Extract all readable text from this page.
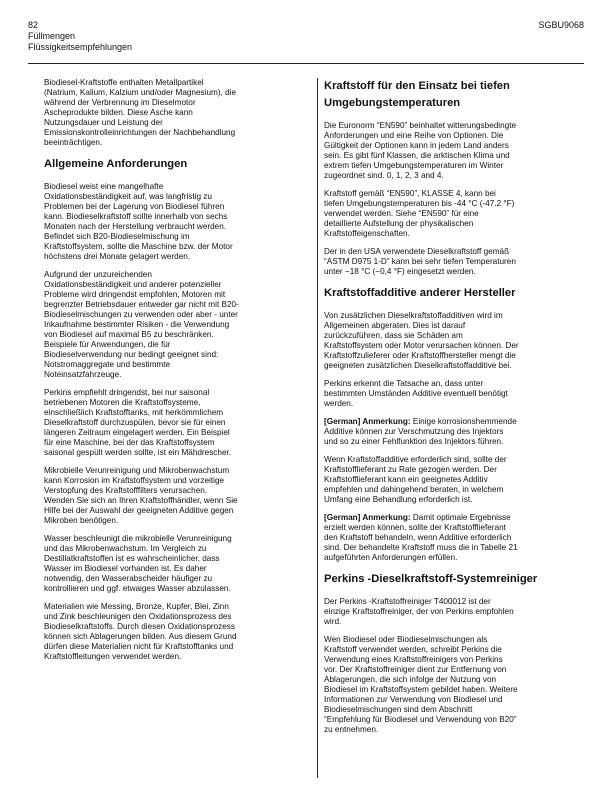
82
Füllmengen
Flüssigkeitsempfehlungen
SGBU9068

Biodiesel-Kraftstoffe enthalten Metallpartikel
(Natrium, Kalium, Kalzium und/oder Magnesium), die
während der Verbrennung im Dieselmotor
Ascheprodukte bilden. Diese Asche kann
Nutzungsdauer und Leistung der
Emissionskontrolleinrichtungen der Nachbehandlung
beeinträchtigen.

Allgemeine Anforderungen

Biodiesel weist eine mangelhafte
Oxidationsbeständigkeit auf, was langfristig zu
Problemen bei der Lagerung von Biodiesel führen
kann. Biodieselkraftstoff sollte innerhalb von sechs
Monaten nach der Herstellung verbraucht werden.
Befindet sich B20-Biodieselmischung im
Kraftstoffsystem, sollte die Maschine bzw. der Motor
höchstens drei Monate gelagert werden.

Aufgrund der unzureichenden
Oxidationsbeständigkeit und anderer potenzieller
Probleme wird dringendst empfohlen, Motoren mit
begrenzter Betriebsdauer entweder gar nicht mit B20-
Biodieselmischungen zu verwenden oder aber - unter
Inkaufnahme bestimmter Risiken - die Verwendung
von Biodiesel auf maximal B5 zu beschränken.
Beispiele für Anwendungen, die für
Biodieselverwendung nur bedingt geeignet sind:
Notstromaggregate und bestimmte
Noteinsatzfahrzeuge.

Perkins empfiehlt dringendst, bei nur saisonal
betriebenen Motoren die Kraftstoffsysteme,
einschließlich Kraftstofftanks, mit herkömmlichem
Dieselkraftstoff durchzuspülen, bevor sie für einen
längeren Zeitraum eingelagert werden. Ein Beispiel
für eine Maschine, bei der das Kraftstoffsystem
saisonal gespült werden sollte, ist ein Mähdrescher.

Mikrobielle Verunreinigung und Mikrobenwachstum
kann Korrosion im Kraftstoffsystem und vorzeitige
Verstopfung des Kraftstofffilters verursachen.
Wenden Sie sich an Ihren Kraftstoffhändler, wenn Sie
Hilfe bei der Auswahl der geeigneten Additive gegen
Mikroben benötigen.

Wasser beschleunigt die mikrobielle Verunreinigung
und das Mikrobenwachstum. Im Vergleich zu
Destillatkraftstoffen ist es wahrscheinlicher, dass
Wasser im Biodiesel vorhanden ist. Es daher
notwendig, den Wasserabscheider häufiger zu
kontrollieren und ggf. etwaiges Wasser abzulassen.

Materialien wie Messing, Bronze, Kupfer, Blei, Zinn
und Zink beschleunigen den Oxidationsprozess des
Biodieselkraftstoffs. Durch diesen Oxidationsprozess
können sich Ablagerungen bilden. Aus diesem Grund
dürfen diese Materialien nicht für Kraftstofftanks und
Kraftstoffleitungen verwendet werden.

Kraftstoff für den Einsatz bei tiefen
Umgebungstemperaturen

Die Euronorm “EN590” beinhaltet witterungsbedingte
Anforderungen und eine Reihe von Optionen. Die
Gültigkeit der Optionen kann in jedem Land anders
sein. Es gibt fünf Klassen, die arktischen Klima und
extrem tiefen Umgebungstemperaturen im Winter
zugeordnet sind. 0, 1, 2, 3 and 4.

Kraftstoff gemäß “EN590”, KLASSE 4, kann bei
tiefen Umgebungstemperaturen bis -44 °C (-47.2 °F)
verwendet werden. Siehe “EN590” für eine
detaillierte Aufstellung der physikalischen
Kraftstoffeigenschaften.

Der in den USA verwendete Dieselkraftstoff gemäß
“ASTM D975 1-D” kann bei sehr tiefen Temperaturen
unter −18 °C (−0,4 °F) eingesetzt werden.

Kraftstoffadditive anderer Hersteller

Von zusätzlichen Dieselkraftstoffadditiven wird im
Allgemeinen abgeraten. Dies ist darauf
zurückzuführen, dass sie Schäden am
Kraftstoffsystem oder Motor verursachen können. Der
Kraftstoffzulieferer oder Kraftstoffhersteller mengt die
geeigneten zusätzlichen Dieselkraftstoffadditive bei.

Perkins erkennt die Tatsache an, dass unter
bestimmten Umständen Additive eventuell benötigt
werden.

[German] Anmerkung: Einige korrosionshemmende
Additive können zur Verschmutzung des Injektors
und so zu einer Fehlfunktion des Injektors führen.

Wenn Kraftstoffadditive erforderlich sind, sollte der
Kraftstofflieferant zu Rate gezogen werden. Der
Kraftstofflieferant kann ein geeignetes Additiv
empfehlen und dahingehend beraten, in welchem
Umfang eine Behandlung erforderlich ist.

[German] Anmerkung: Damit optimale Ergebnisse
erzielt werden können, sollte der Kraftstofflieferant
den Kraftstoff behandeln, wenn Additive erforderlich
sind. Der behandelte Kraftstoff muss die in Tabelle 21
aufgeführten Anforderungen erfüllen.

Perkins -Dieselkraftstoff-Systemreiniger

Der Perkins -Kraftstoffreiniger T400012 ist der
einzige Kraftstoffreiniger, der von Perkins empfohlen
wird.

Wen Biodiesel oder Biodieselmischungen als
Kraftstoff verwendet werden, schreibt Perkins die
Verwendung eines Kraftstoffreinigers von Perkins
vor. Der Kraftstoffreiniger dient zur Entfernung von
Ablagerungen, die sich infolge der Nutzung von
Biodiesel im Kraftstoffsystem gebildet haben. Weitere
Informationen zur Verwendung von Biodiesel und
Biodieselmischungen sind dem Abschnitt
“Empfehlung für Biodiesel und Verwendung von B20”
zu entnehmen.
